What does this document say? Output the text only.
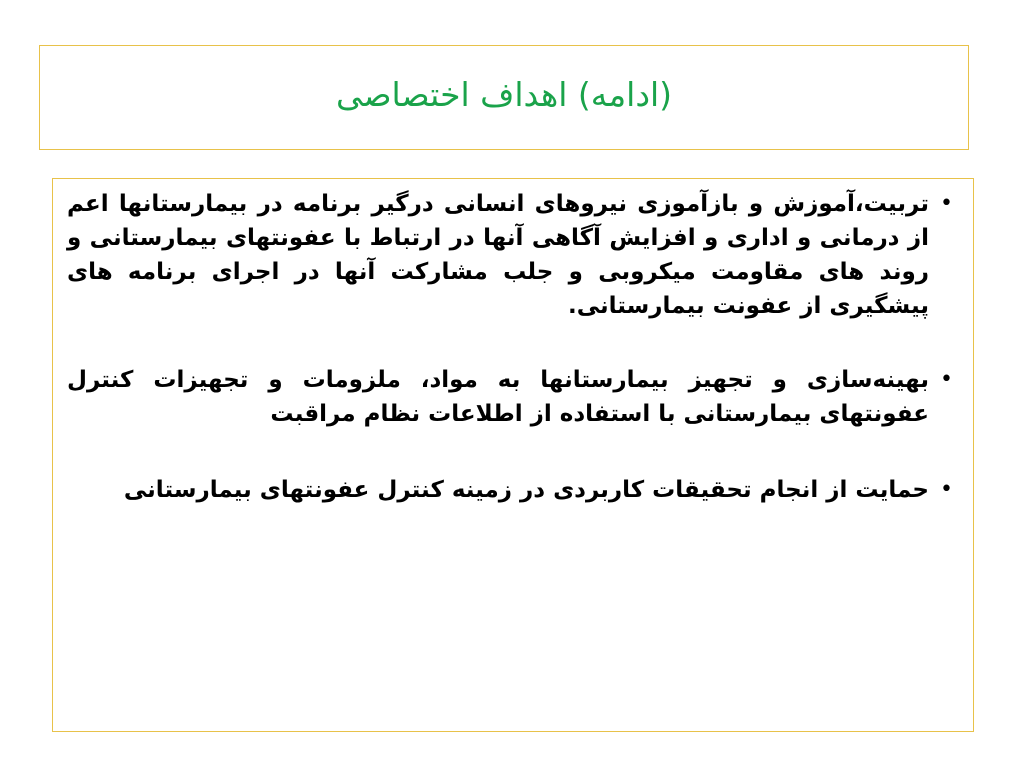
(ادامه) اهداف اختصاصی
•
تربیت،آموزش و بازآموزی نیروهای انسانی درگیر برنامه در بیمارستانها اعم از درمانی و اداری و افزایش آگاهی آنها در ارتباط با عفونتهای بیمارستانی و روند های مقاومت میکروبی و جلب مشارکت آنها در اجرای برنامه های پیشگیری از عفونت بیمارستانی.
•
بهینه‌سازی و تجهیز بیمارستانها به مواد، ملزومات و تجهیزات کنترل عفونتهای بیمارستانی با استفاده از اطلاعات نظام مراقبت
•
حمایت از انجام تحقیقات کاربردی در زمینه کنترل عفونتهای بیمارستانی
